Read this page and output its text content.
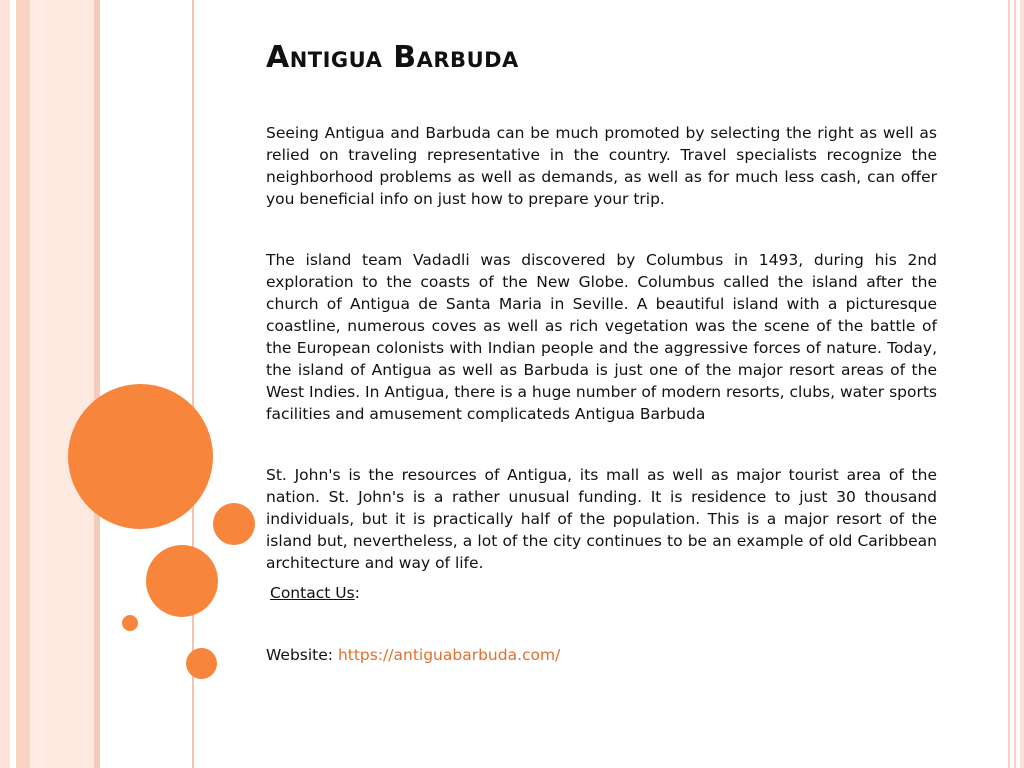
Antigua Barbuda

Seeing Antigua and Barbuda can be much promoted by selecting the right as well as relied on traveling representative in the country. Travel specialists recognize the neighborhood problems as well as demands, as well as for much less cash, can offer you beneficial info on just how to prepare your trip.

The island team Vadadli was discovered by Columbus in 1493, during his 2nd exploration to the coasts of the New Globe. Columbus called the island after the church of Antigua de Santa Maria in Seville. A beautiful island with a picturesque coastline, numerous coves as well as rich vegetation was the scene of the battle of the European colonists with Indian people and the aggressive forces of nature. Today, the island of Antigua as well as Barbuda is just one of the major resort areas of the West Indies. In Antigua, there is a huge number of modern resorts, clubs, water sports facilities and amusement complicateds Antigua Barbuda

St. John's is the resources of Antigua, its mall as well as major tourist area of the nation. St. John's is a rather unusual funding. It is residence to just 30 thousand individuals, but it is practically half of the population. This is a major resort of the island but, nevertheless, a lot of the city continues to be an example of old Caribbean architecture and way of life.

Contact Us:

Website: https://antiguabarbuda.com/
